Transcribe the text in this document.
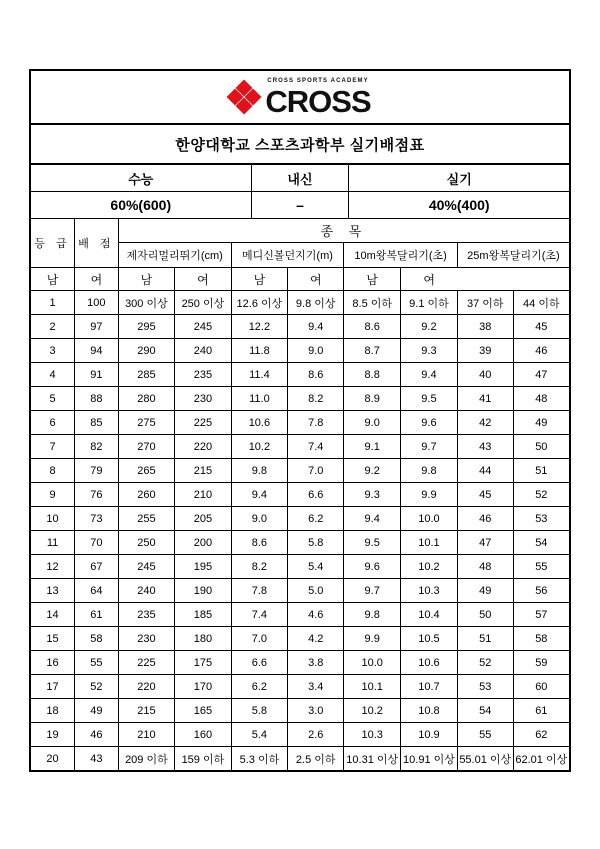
CROSS SPORTS ACADEMY
CROSS
한양대학교 스포츠과학부 실기배점표
수능	내신	실기
60%(600)	–	40%(400)
등 급	배 점	종 목							
		제자리멀리뛰기(cm)		메디신볼던지기(m)		10m왕복달리기(초)		25m왕복달리기(초)	
남	여	남	여	남	여	남	여		
1	100	300 이상	250 이상	12.6 이상	9.8 이상	8.5 이하	9.1 이하	37 이하	44 이하
2	97	295	245	12.2	9.4	8.6	9.2	38	45
3	94	290	240	11.8	9.0	8.7	9.3	39	46
4	91	285	235	11.4	8.6	8.8	9.4	40	47
5	88	280	230	11.0	8.2	8.9	9.5	41	48
6	85	275	225	10.6	7.8	9.0	9.6	42	49
7	82	270	220	10.2	7.4	9.1	9.7	43	50
8	79	265	215	9.8	7.0	9.2	9.8	44	51
9	76	260	210	9.4	6.6	9.3	9.9	45	52
10	73	255	205	9.0	6.2	9.4	10.0	46	53
11	70	250	200	8.6	5.8	9.5	10.1	47	54
12	67	245	195	8.2	5.4	9.6	10.2	48	55
13	64	240	190	7.8	5.0	9.7	10.3	49	56
14	61	235	185	7.4	4.6	9.8	10.4	50	57
15	58	230	180	7.0	4.2	9.9	10.5	51	58
16	55	225	175	6.6	3.8	10.0	10.6	52	59
17	52	220	170	6.2	3.4	10.1	10.7	53	60
18	49	215	165	5.8	3.0	10.2	10.8	54	61
19	46	210	160	5.4	2.6	10.3	10.9	55	62
20	43	209 이하	159 이하	5.3 이하	2.5 이하	10.31 이상	10.91 이상	55.01 이상	62.01 이상
